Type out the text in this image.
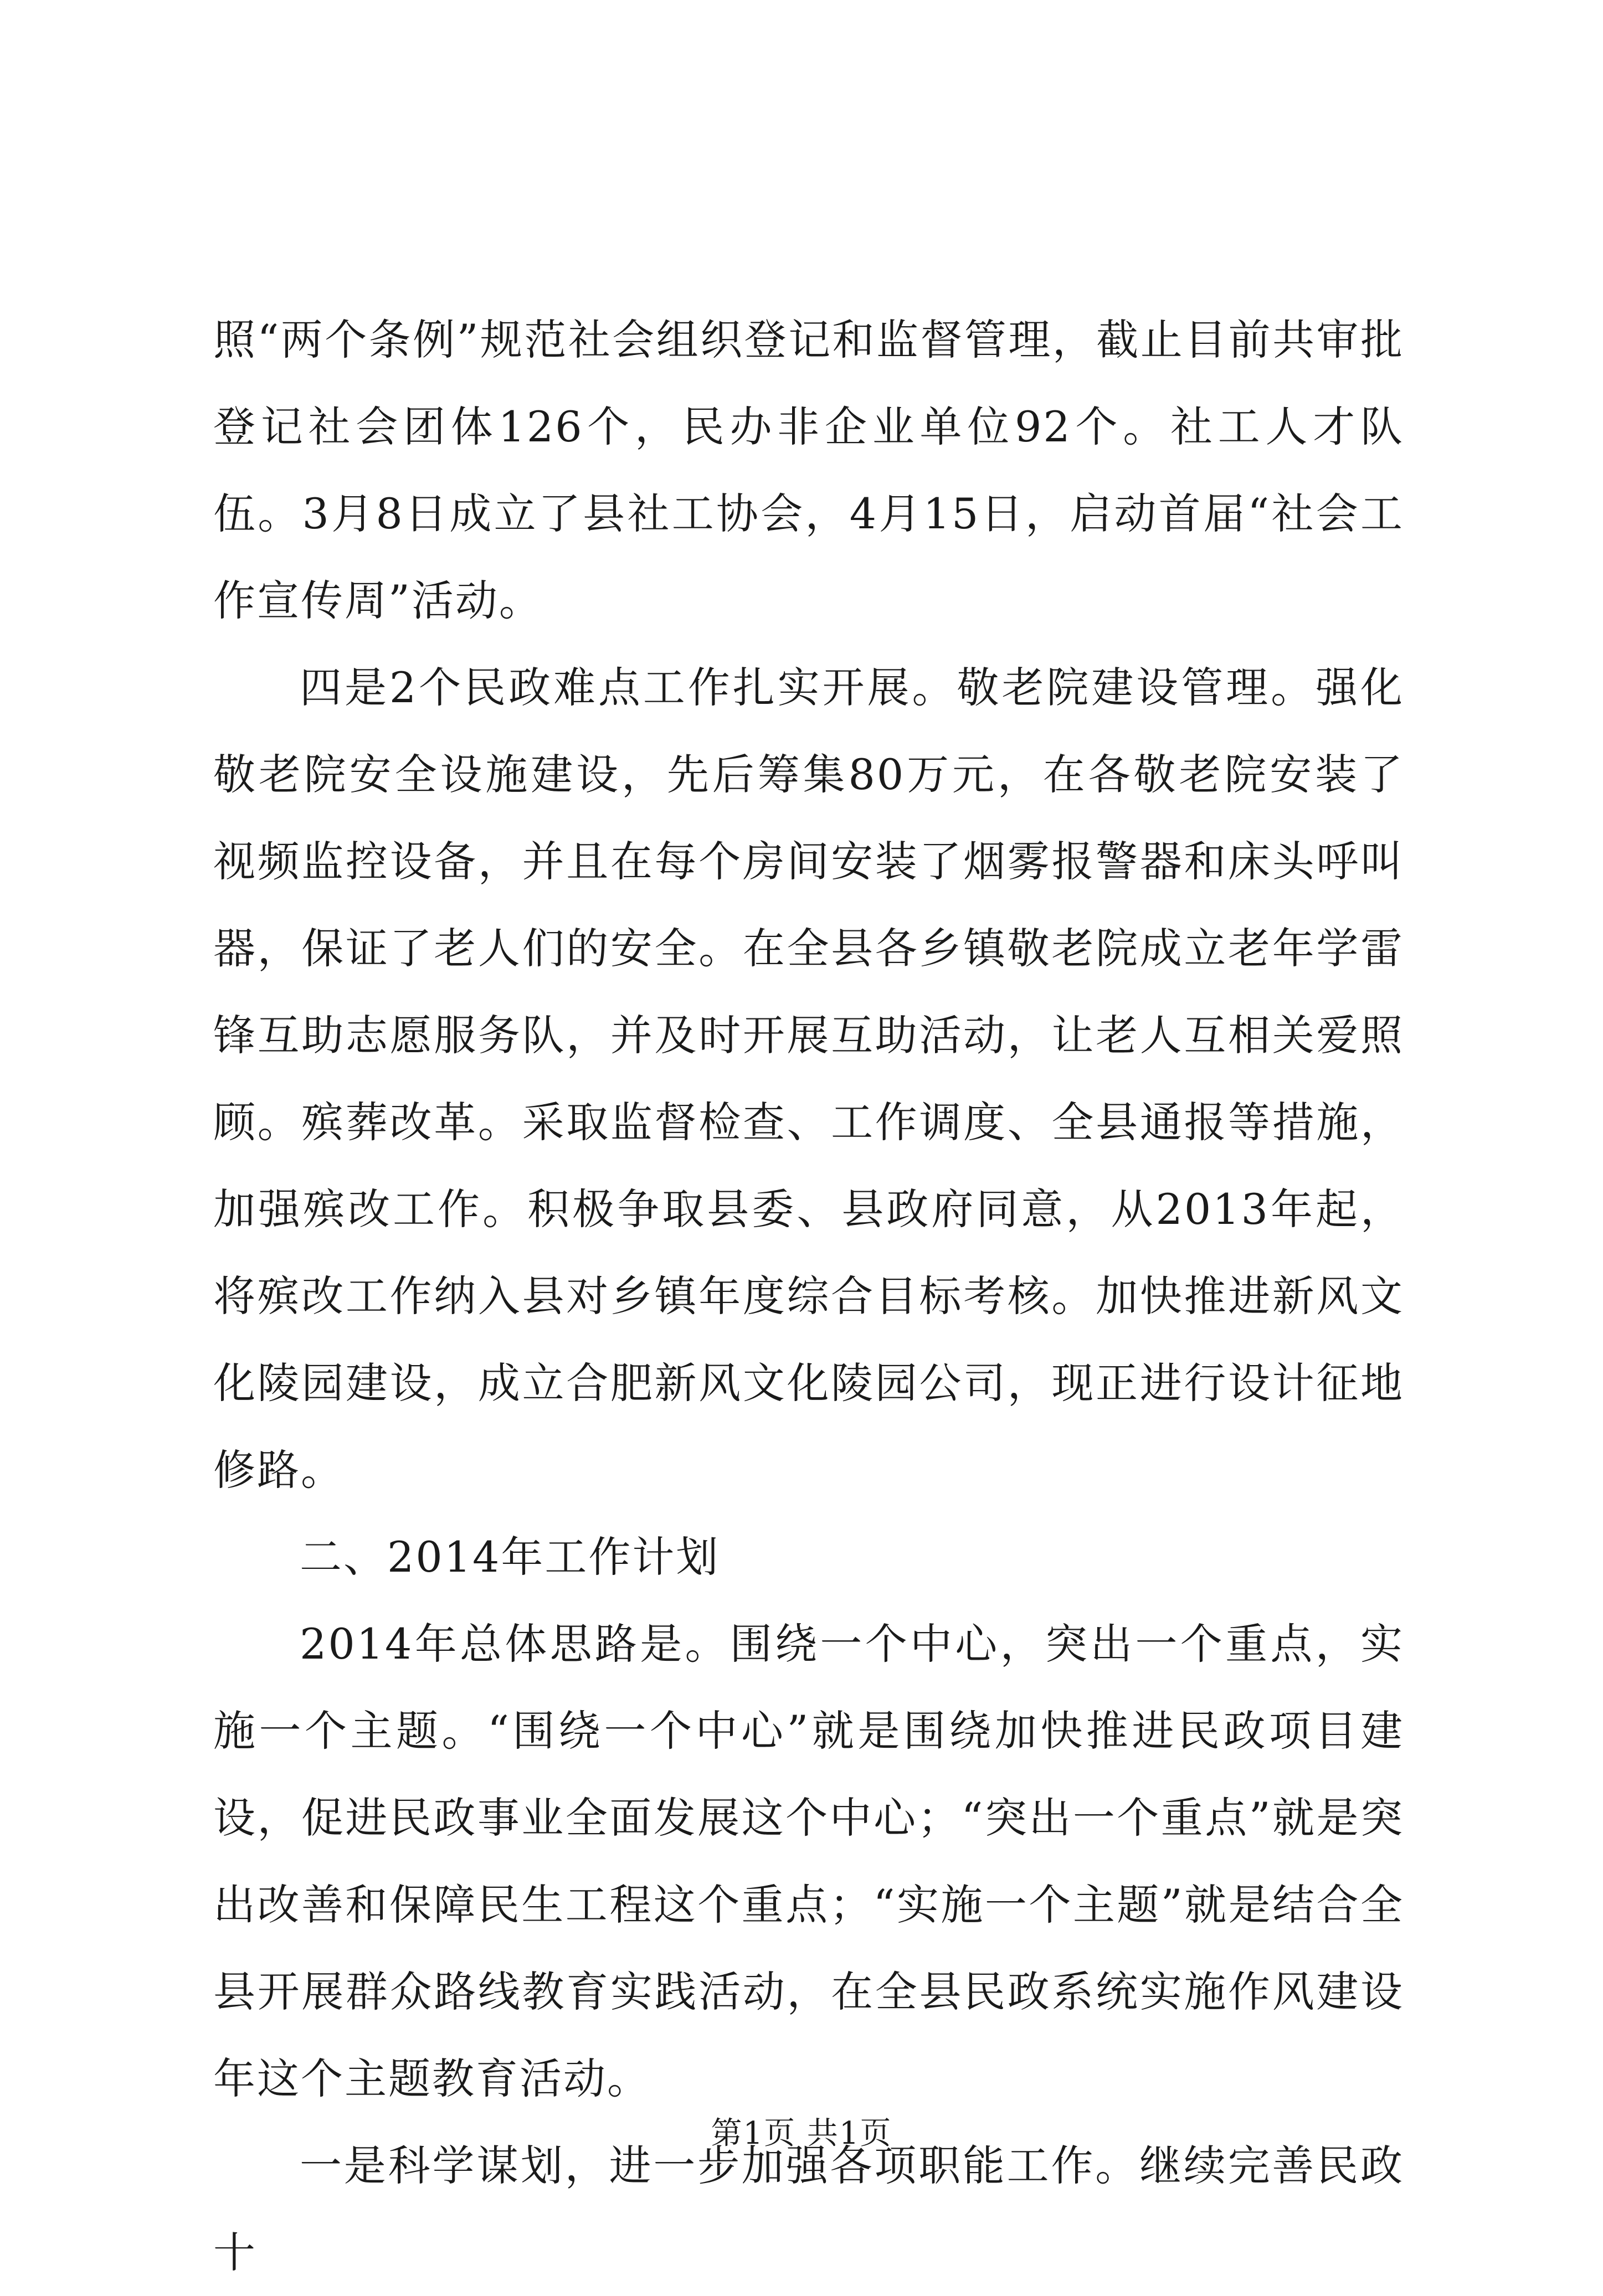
照“两个条例”规范社会组织登记和监督管理，截止目前共审批登记社会团体126个，民办非企业单位92个。社工人才队伍。3月8日成立了县社工协会，4月15日，启动首届“社会工作宣传周”活动。

四是2个民政难点工作扎实开展。敬老院建设管理。强化敬老院安全设施建设，先后筹集80万元，在各敬老院安装了视频监控设备，并且在每个房间安装了烟雾报警器和床头呼叫器，保证了老人们的安全。在全县各乡镇敬老院成立老年学雷锋互助志愿服务队，并及时开展互助活动，让老人互相关爱照顾。殡葬改革。采取监督检查、工作调度、全县通报等措施，加强殡改工作。积极争取县委、县政府同意，从2013年起，将殡改工作纳入县对乡镇年度综合目标考核。加快推进新风文化陵园建设，成立合肥新风文化陵园公司，现正进行设计征地修路。

二、2014年工作计划

2014年总体思路是。围绕一个中心，突出一个重点，实施一个主题。“围绕一个中心”就是围绕加快推进民政项目建设，促进民政事业全面发展这个中心；“突出一个重点”就是突出改善和保障民生工程这个重点；“实施一个主题”就是结合全县开展群众路线教育实践活动，在全县民政系统实施作风建设年这个主题教育活动。

一是科学谋划，进一步加强各项职能工作。继续完善民政十

第1页 共1页
